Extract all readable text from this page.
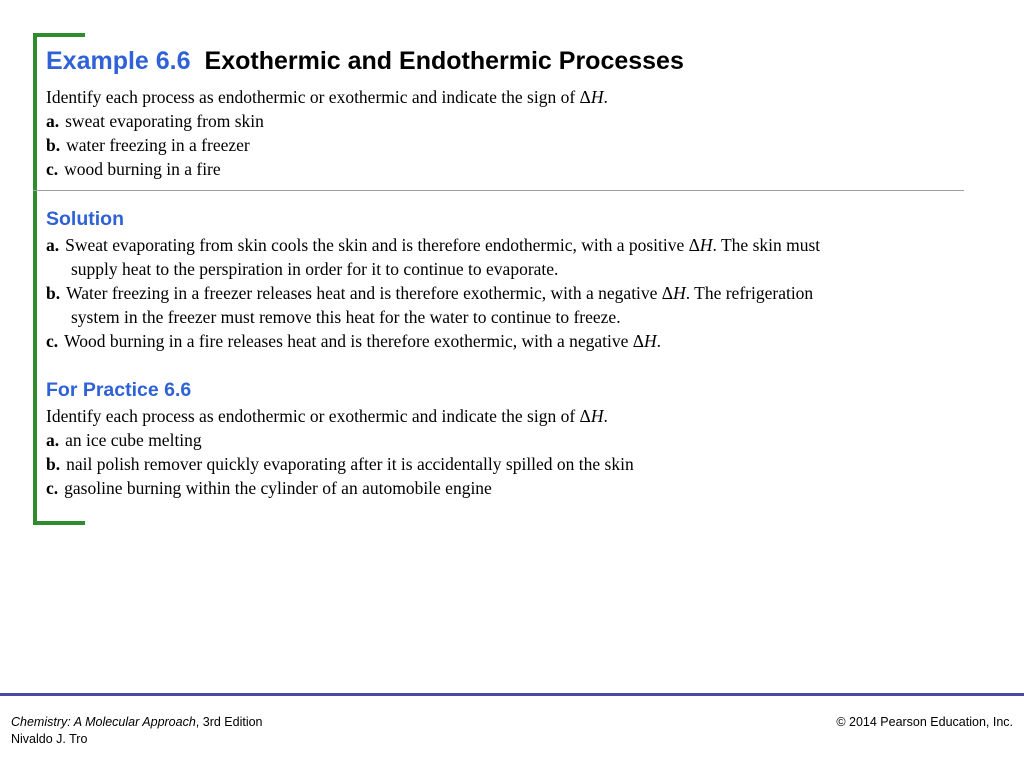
Example 6.6 Exothermic and Endothermic Processes
Identify each process as endothermic or exothermic and indicate the sign of ΔH.
a. sweat evaporating from skin
b. water freezing in a freezer
c. wood burning in a fire
Solution
a. Sweat evaporating from skin cools the skin and is therefore endothermic, with a positive ΔH. The skin must
supply heat to the perspiration in order for it to continue to evaporate.
b. Water freezing in a freezer releases heat and is therefore exothermic, with a negative ΔH. The refrigeration
system in the freezer must remove this heat for the water to continue to freeze.
c. Wood burning in a fire releases heat and is therefore exothermic, with a negative ΔH.
For Practice 6.6
Identify each process as endothermic or exothermic and indicate the sign of ΔH.
a. an ice cube melting
b. nail polish remover quickly evaporating after it is accidentally spilled on the skin
c. gasoline burning within the cylinder of an automobile engine
Chemistry: A Molecular Approach, 3rd Edition
Nivaldo J. Tro
© 2014 Pearson Education, Inc.
